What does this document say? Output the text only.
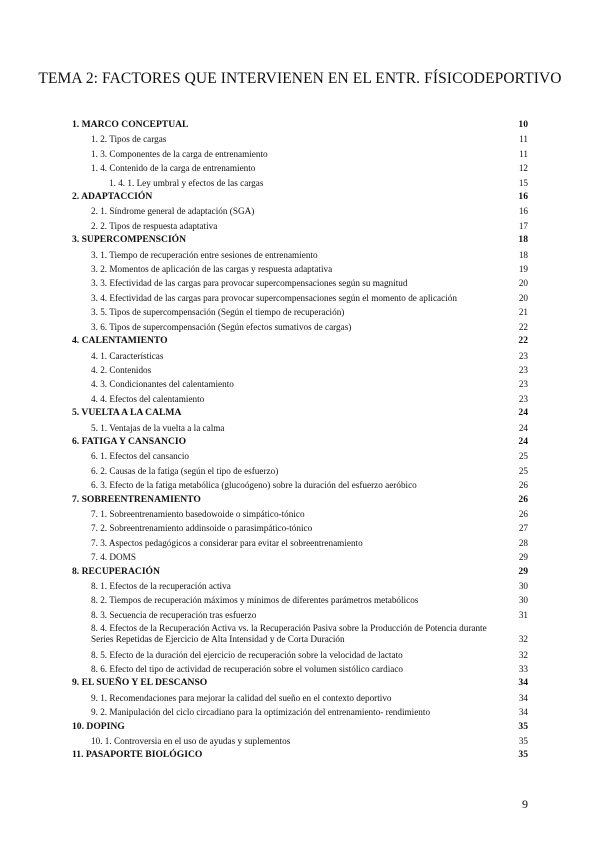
TEMA 2: FACTORES QUE INTERVIENEN EN EL ENTR. FÍSICODEPORTIVO
1. MARCO CONCEPTUAL	10
1. 2. Tipos de cargas	11
1. 3. Componentes de la carga de entrenamiento	11
1. 4. Contenido de la carga de entrenamiento	12
1. 4. 1. Ley umbral y efectos de las cargas	15
2. ADAPTACCIÓN	16
2. 1. Síndrome general de adaptación (SGA)	16
2. 2. Tipos de respuesta adaptativa	17
3. SUPERCOMPENSCIÓN	18
3. 1. Tiempo de recuperación entre sesiones de entrenamiento	18
3. 2. Momentos de aplicación de las cargas y respuesta adaptativa	19
3. 3. Efectividad de las cargas para provocar supercompensaciones según su magnitud	20
3. 4. Efectividad de las cargas para provocar supercompensaciones según el momento de aplicación	20
3. 5. Tipos de supercompensación (Según el tiempo de recuperación)	21
3. 6. Tipos de supercompensación (Según efectos sumativos de cargas)	22
4. CALENTAMIENTO	22
4. 1. Características	23
4. 2. Contenidos	23
4. 3. Condicionantes del calentamiento	23
4. 4. Efectos del calentamiento	23
5. VUELTA A LA CALMA	24
5. 1. Ventajas de la vuelta a la calma	24
6. FATIGA Y CANSANCIO	24
6. 1. Efectos del cansancio	25
6. 2. Causas de la fatiga (según el tipo de esfuerzo)	25
6. 3. Efecto de la fatiga metabólica (glucoógeno) sobre la duración del esfuerzo aeróbico	26
7. SOBREENTRENAMIENTO	26
7. 1. Sobreentrenamiento basedowoide o simpático-tónico	26
7. 2. Sobreentrenamiento addinsoide o parasimpático-tónico	27
7. 3. Aspectos pedagógicos a considerar para evitar el sobreentrenamiento	28
7. 4. DOMS	29
8. RECUPERACIÓN	29
8. 1. Efectos de la recuperación activa	30
8. 2. Tiempos de recuperación máximos y mínimos de diferentes parámetros metabólicos	30
8. 3. Secuencia de recuperación tras esfuerzo	31
8. 4. Efectos de la Recuperación Activa vs. la Recuperación Pasiva sobre la Producción de Potencia durante Series Repetidas de Ejercicio de Alta Intensidad y de Corta Duración	32
8. 5. Efecto de la duración del ejercicio de recuperación sobre la velocidad de lactato	32
8. 6. Efecto del tipo de actividad de recuperación sobre el volumen sistólico cardiaco	33
9. EL SUEÑO Y EL DESCANSO	34
9. 1. Recomendaciones para mejorar la calidad del sueño en el contexto deportivo	34
9. 2. Manipulación del ciclo circadiano para la optimización del entrenamiento- rendimiento	34
10. DOPING	35
10. 1. Controversia en el uso de ayudas y suplementos	35
11. PASAPORTE BIOLÓGICO	35
9
